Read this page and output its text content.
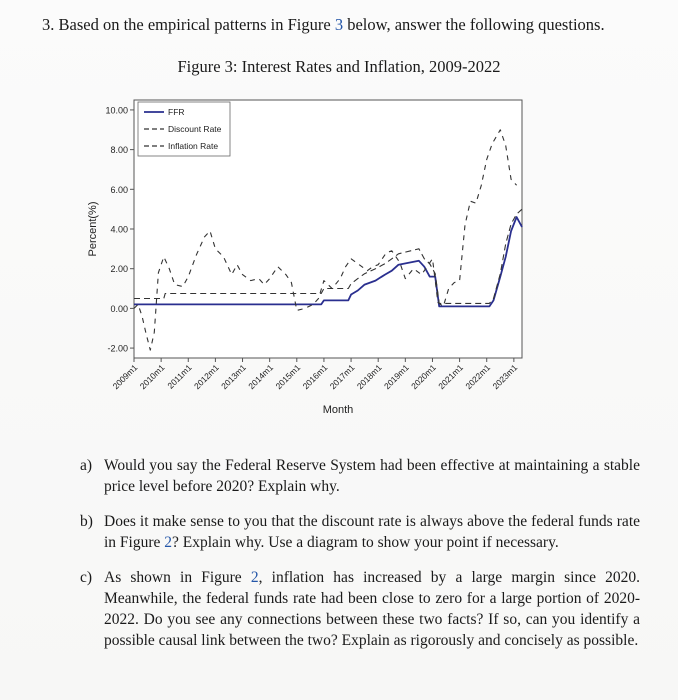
3. Based on the empirical patterns in Figure 3 below, answer the following questions.
Figure 3: Interest Rates and Inflation, 2009-2022
10.00
8.00
6.00
4.00
2.00
0.00
-2.00
2009m1
2010m1
2011m1
2012m1
2013m1
2014m1
2015m1
2016m1
2017m1
2018m1
2019m1
2020m1
2021m1
2022m1
2023m1
Month
Percent(%)
FFR
Discount Rate
Inflation Rate
a) Would you say the Federal Reserve System had been effective at maintaining a stable price level before 2020? Explain why.
b) Does it make sense to you that the discount rate is always above the federal funds rate in Figure 2? Explain why. Use a diagram to show your point if necessary.
c) As shown in Figure 2, inflation has increased by a large margin since 2020. Meanwhile, the federal funds rate had been close to zero for a large portion of 2020-2022. Do you see any connections between these two facts? If so, can you identify a possible causal link between the two? Explain as rigorously and concisely as possible.
